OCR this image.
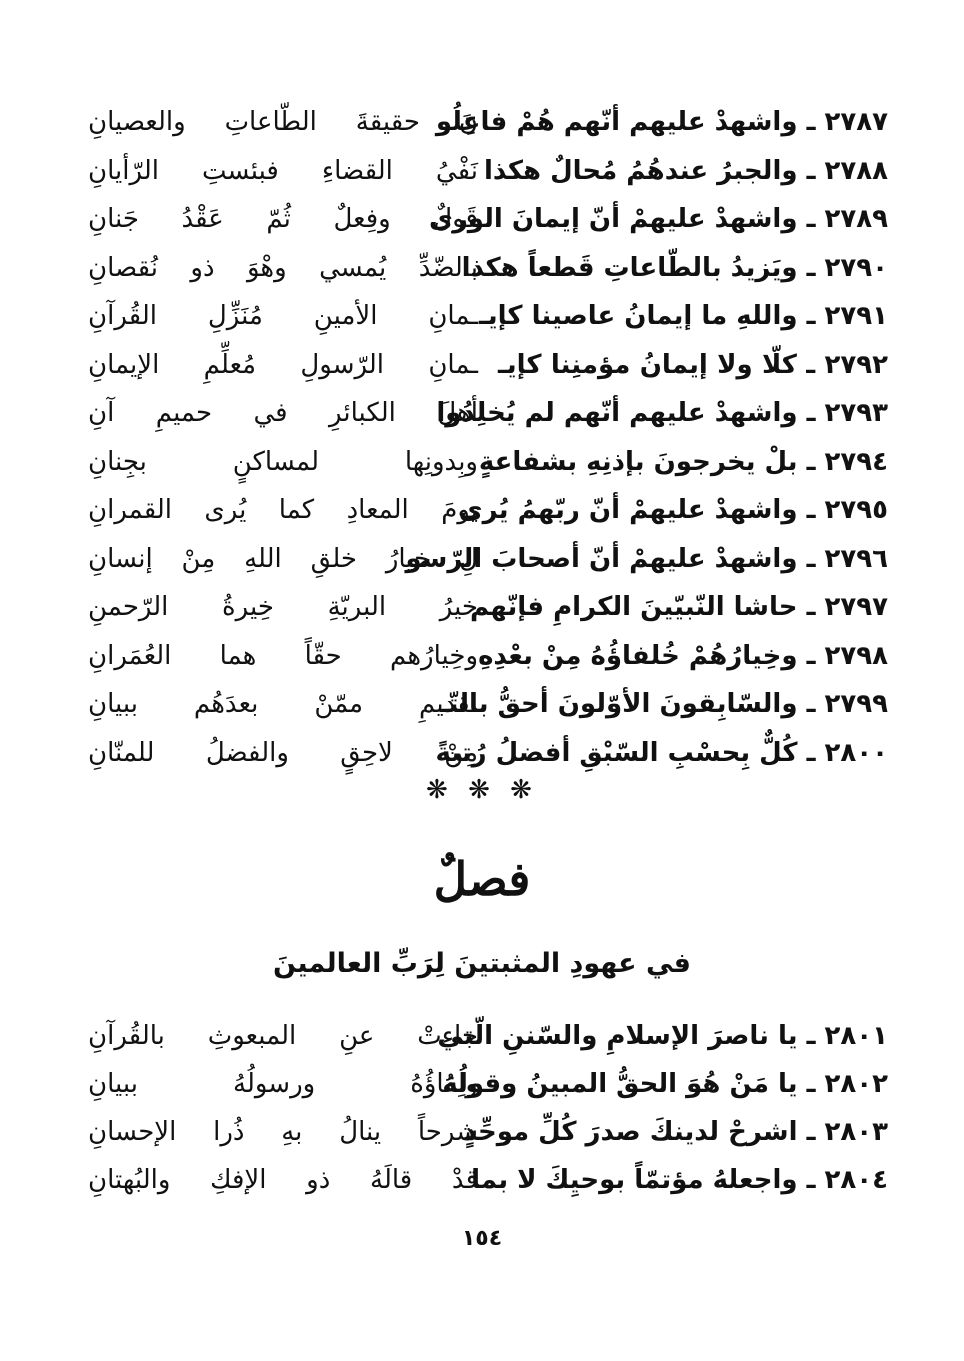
٢٧٨٧ ـ واشهدْ عليهم أنّهم هُمْ فاعِلُو
نَ حقيقةَ الطّاعاتِ والعصيانِ
٢٧٨٨ ـ والجبرُ عندهُمُ مُحالٌ هكذا
نَفْيُ القضاءِ فبئستِ الرّأيانِ
٢٧٨٩ ـ واشهدْ عليهمْ أنّ إيمانَ الورى
قَولٌ وفِعلٌ ثُمّ عَقْدُ جَنانِ
٢٧٩٠ ـ ويَزيدُ بالطّاعاتِ قَطعاً هكذا
بالضّدِّ يُمسي وهْوَ ذو نُقصانِ
٢٧٩١ ـ واللهِ ما إيمانُ عاصينا كإيـ
ـمانِ الأمينِ مُنَزِّلِ القُرآنِ
٢٧٩٢ ـ كلّا ولا إيمانُ مؤمنِنا كإيـ
ـمانِ الرّسولِ مُعلِّمِ الإيمانِ
٢٧٩٣ ـ واشهدْ عليهم أنّهم لم يُخلِدُوا
أهلَ الكبائرِ في حميمِ آنِ
٢٧٩٤ ـ بلْ يخرجونَ بإذنِهِ بشفاعةٍ
وبِدونِها لمساكنٍ بجِنانِ
٢٧٩٥ ـ واشهدْ عليهمْ أنّ ربّهمُ يُرى
يومَ المعادِ كما يُرى القمرانِ
٢٧٩٦ ـ واشهدْ عليهمْ أنّ أصحابَ الرّسو
لِ خيارُ خلقِ اللهِ مِنْ إنسانِ
٢٧٩٧ ـ حاشا النّبيّينَ الكرامِ فإنّهم
خيرُ البريّةِ خِيرةُ الرّحمنِ
٢٧٩٨ ـ وخِيارُهُمْ خُلفاؤُهُ مِنْ بعْدِهِ
وخِيارُهم حقّاً هما العُمَرانِ
٢٧٩٩ ـ والسّابِقونَ الأوّلونَ أحقُّ بالتّـ
ـقديمِ ممّنْ بعدَهُم ببيانِ
٢٨٠٠ ـ كُلٌّ بِحسْبِ السّبْقِ أفضلُ رُتبةً
مِنْ لاحِقٍ والفضلُ للمنّانِ
❋ ❋ ❋
فصلٌ
في عهودِ المثبتينَ لِرَبِّ العالمينَ
٢٨٠١ ـ يا ناصرَ الإسلامِ والسّننِ الّتي
جاءتْ عنِ المبعوثِ بالقُرآنِ
٢٨٠٢ ـ يا مَنْ هُوَ الحقُّ المبينُ وقولُهُ
ولِقاؤُهُ ورسولُهُ ببيانِ
٢٨٠٣ ـ اشرحْ لدينكَ صدرَ كُلِّ موحِّدٍ
شرحاً ينالُ بهِ ذُرا الإحسانِ
٢٨٠٤ ـ واجعلهُ مؤتمّاً بوحيِكَ لا بما
قدْ قالَهُ ذو الإفكِ والبُهتانِ
١٥٤
